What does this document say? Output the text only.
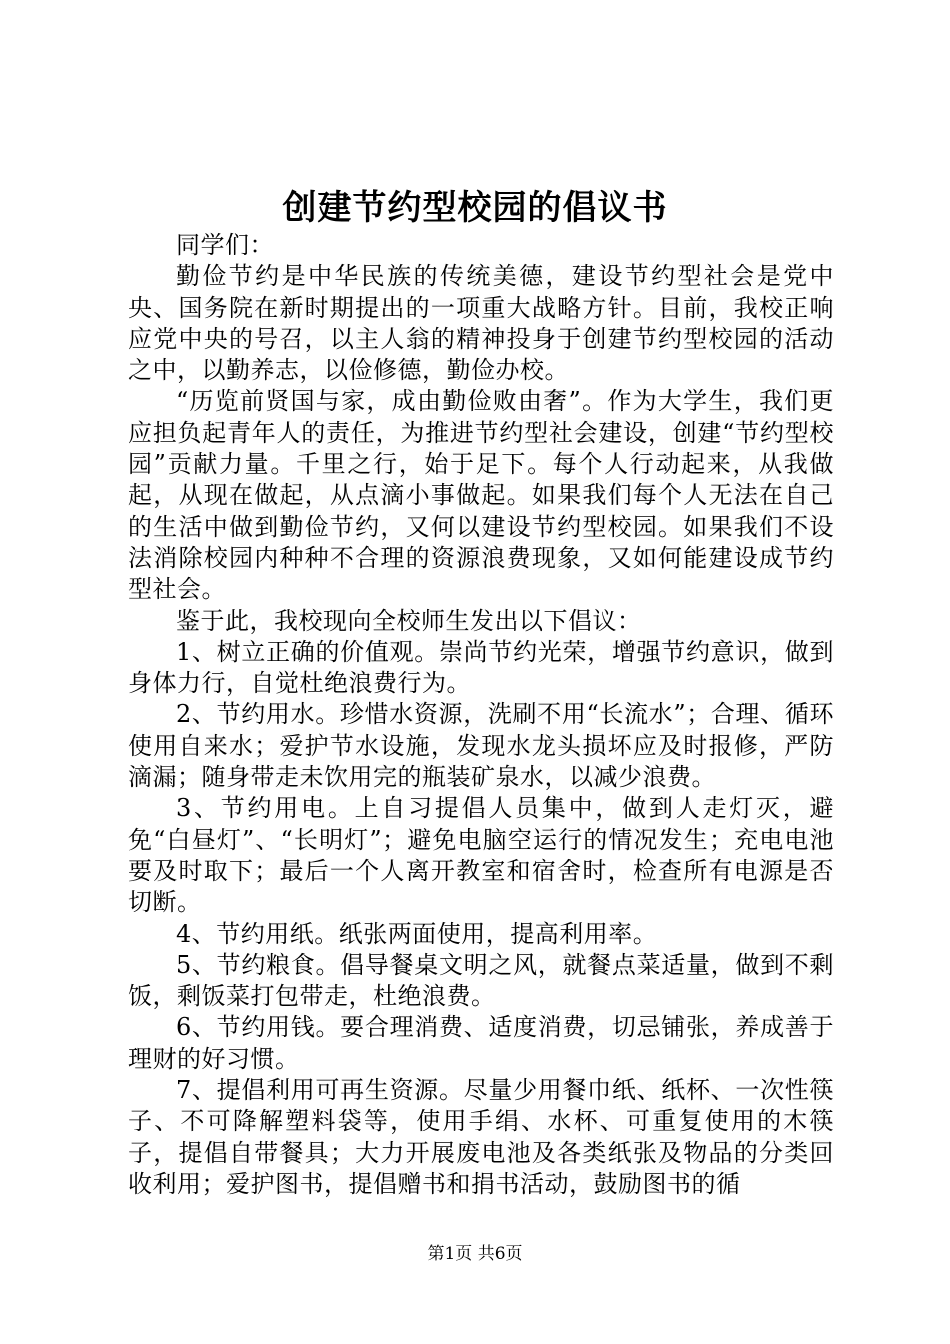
创建节约型校园的倡议书

同学们：

勤俭节约是中华民族的传统美德，建设节约型社会是党中央、国务院在新时期提出的一项重大战略方针。目前，我校正响应党中央的号召，以主人翁的精神投身于创建节约型校园的活动之中，以勤养志，以俭修德，勤俭办校。

“历览前贤国与家，成由勤俭败由奢”。作为大学生，我们更应担负起青年人的责任，为推进节约型社会建设，创建“节约型校园”贡献力量。千里之行，始于足下。每个人行动起来，从我做起，从现在做起，从点滴小事做起。如果我们每个人无法在自己的生活中做到勤俭节约，又何以建设节约型校园。如果我们不设法消除校园内种种不合理的资源浪费现象，又如何能建设成节约型社会。

鉴于此，我校现向全校师生发出以下倡议：

1、树立正确的价值观。崇尚节约光荣，增强节约意识，做到身体力行，自觉杜绝浪费行为。

2、节约用水。珍惜水资源，洗刷不用“长流水”；合理、循环使用自来水；爱护节水设施，发现水龙头损坏应及时报修，严防滴漏；随身带走未饮用完的瓶装矿泉水，以减少浪费。

3、节约用电。上自习提倡人员集中，做到人走灯灭，避免“白昼灯”、“长明灯”；避免电脑空运行的情况发生；充电电池要及时取下；最后一个人离开教室和宿舍时，检查所有电源是否切断。

4、节约用纸。纸张两面使用，提高利用率。

5、节约粮食。倡导餐桌文明之风，就餐点菜适量，做到不剩饭，剩饭菜打包带走，杜绝浪费。

6、节约用钱。要合理消费、适度消费，切忌铺张，养成善于理财的好习惯。

7、提倡利用可再生资源。尽量少用餐巾纸、纸杯、一次性筷子、不可降解塑料袋等，使用手绢、水杯、可重复使用的木筷子，提倡自带餐具；大力开展废电池及各类纸张及物品的分类回收利用；爱护图书，提倡赠书和捐书活动，鼓励图书的循

第1页 共6页
